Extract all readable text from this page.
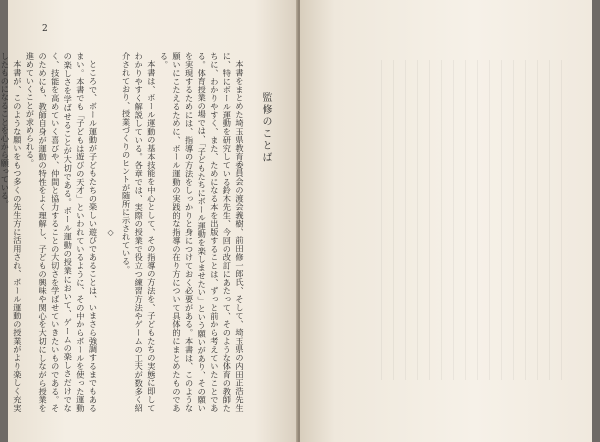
2
監修のことば

本書をまとめた埼玉県教育委員会の渡会義樹、前田修一郎氏、そして、埼玉県の内田正浩先生に、特にボール運動を研究している鈴木先生、今回の改訂にあたって、そのような体育の教師たちに、わかりやすく、また、ためになる本を出版することは、ずっと前から考えていたことである。体育授業の場では、「子どもたちにボール運動を楽しませたい」という願いがあり、その願いを実現するためには、指導の方法をしっかりと身につけておく必要がある。本書は、このような願いにこたえるために、ボール運動の実践的な指導の在り方について具体的にまとめたものである。

本書は、ボール運動の基本技能を中心として、その指導の方法を、子どもたちの実態に即してわかりやすく解説している。各章では、実際の授業で役立つ練習方法やゲームの工夫が数多く紹介されており、授業づくりのヒントが随所に示されている。

◇

ところで、ボール運動が子どもたちの楽しい遊びであることは、いまさら強調するまでもあるまい。本書でも「子どもは遊びの天才」といわれているように、その中からボールを使った運動の楽しさを学ばせることが大切である。ボール運動の授業において、ゲームの楽しさだけでなく、技能を高めていく喜びや、仲間と協力することの大切さを学ばせていきたいものである。そのためにも、教師自身が運動の特性をよく理解し、子どもの興味や関心を大切にしながら授業を進めていくことが求められる。

本書が、このような願いをもつ多くの先生方に活用され、ボール運動の授業がより楽しく充実したものになることを心から願っている。
